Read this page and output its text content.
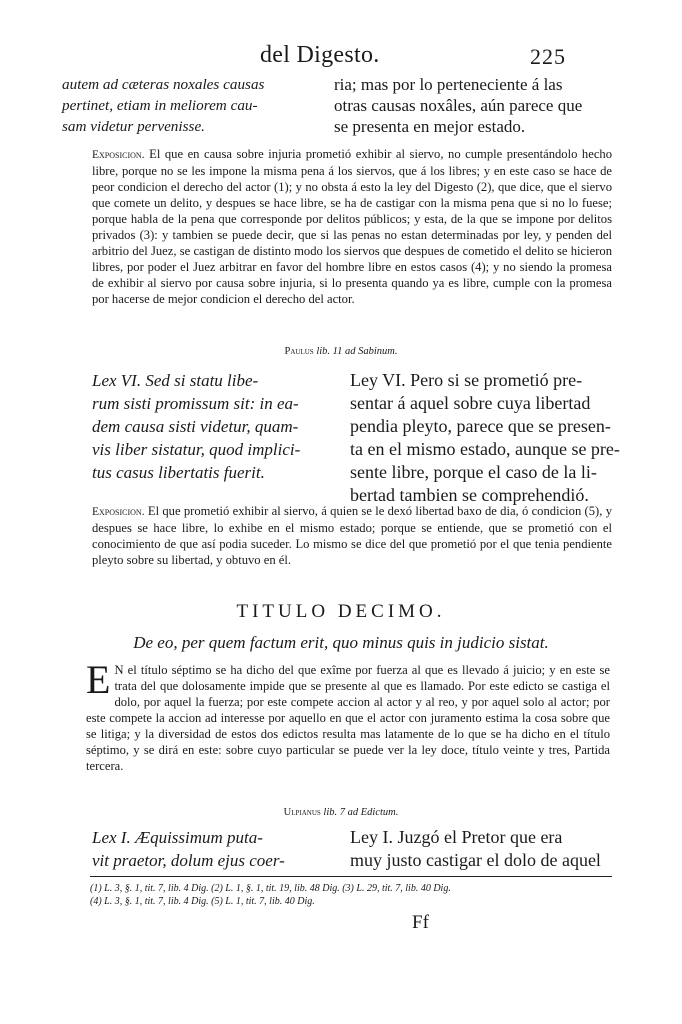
del Digesto.	225

autem ad cæteras noxales causas

pertinet, etiam in meliorem cau-

sam videtur pervenisse.

ria; mas por lo perteneciente á las

otras causas noxâles, aún parece que

se presenta en mejor estado.

Exposicion. El que en causa sobre injuria prometió exhibir al siervo, no cumple presentándolo hecho libre, porque no se les impone la misma pena á los siervos, que á los libres; y en este caso se hace de peor condicion el derecho del actor (1); y no obsta á esto la ley del Digesto (2), que dice, que el siervo que comete un delito, y despues se hace libre, se ha de castigar con la misma pena que si no lo fuese; porque habla de la pena que corresponde por delitos públicos; y esta, de la que se impone por delitos privados (3): y tambien se puede decir, que si las penas no estan determinadas por ley, y penden del arbitrio del Juez, se castigan de distinto modo los siervos que despues de cometido el delito se hicieron libres, por poder el Juez arbitrar en favor del hombre libre en estos casos (4); y no siendo la promesa de exhibir al siervo por causa sobre injuria, si lo presenta quando ya es libre, cumple con la promesa por hacerse de mejor condicion el derecho del actor.

Paulus lib. 11 ad Sabinum.

Lex VI. Sed si statu libe-

rum sisti promissum sit: in ea-

dem causa sisti videtur, quam-

vis liber sistatur, quod implici-

tus casus libertatis fuerit.

Ley VI. Pero si se prometió pre-

sentar á aquel sobre cuya libertad

pendia pleyto, parece que se presen-

ta en el mismo estado, aunque se pre-

sente libre, porque el caso de la li-

bertad tambien se comprehendió.

Exposicion. El que prometió exhibir al siervo, á quien se le dexó libertad baxo de dia, ó condicion (5), y despues se hace libre, lo exhibe en el mismo estado; porque se entiende, que se prometió con el conocimiento de que así podia suceder. Lo mismo se dice del que prometió por el que tenia pendiente pleyto sobre su libertad, y obtuvo en él.

TITULO DECIMO.

De eo, per quem factum erit, quo minus quis in judicio sistat.

E N el título séptimo se ha dicho del que exîme por fuerza al que es llevado á juicio; y en este se trata del que dolosamente impide que se presente al que es llamado. Por este edicto se castiga el dolo, por aquel la fuerza; por este compete accion al actor y al reo, y por aquel solo al actor; por este compete la accion ad interesse por aquello en que el actor con juramento estima la cosa sobre que se litiga; y la diversidad de estos dos edictos resulta mas latamente de lo que se ha dicho en el título séptimo, y se dirá en este: sobre cuyo particular se puede ver la ley doce, título veinte y tres, Partida tercera.

Ulpianus lib. 7 ad Edictum.

Lex I. Æquissimum puta-

vit praetor, dolum ejus coer-

Ley I. Juzgó el Pretor que era

muy justo castigar el dolo de aquel

(1) L. 3, §. 1, tit. 7, lib. 4 Dig. (2) L. 1, §. 1, tit. 19, lib. 48 Dig. (3) L. 29, tit. 7, lib. 40 Dig.
(4) L. 3, §. 1, tit. 7, lib. 4 Dig. (5) L. 1, tit. 7, lib. 40 Dig.

Ff
